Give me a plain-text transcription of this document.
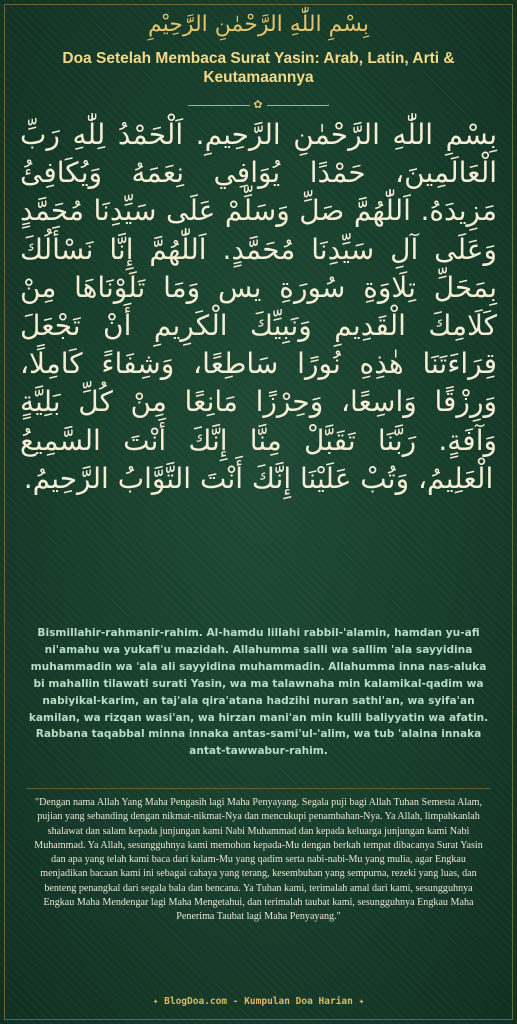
بِسْمِ اللّٰهِ الرَّحْمٰنِ الرَّحِيْمِ
Doa Setelah Membaca Surat Yasin: Arab, Latin, Arti & Keutamaannya
✿

بِسْمِ اللّٰهِ الرَّحْمٰنِ الرَّحِيمِ. اَلْحَمْدُ لِلّٰهِ رَبِّ الْعَالَمِينَ، حَمْدًا يُوَافِي نِعَمَهُ وَيُكَافِئُ مَزِيدَهُ. اَللّٰهُمَّ صَلِّ وَسَلِّمْ عَلَى سَيِّدِنَا مُحَمَّدٍ وَعَلَى آلِ سَيِّدِنَا مُحَمَّدٍ. اَللّٰهُمَّ إِنَّا نَسْأَلُكَ بِمَحَلِّ تِلَاوَةِ سُورَةِ يس وَمَا تَلَوْنَاهَا مِنْ كَلَامِكَ الْقَدِيمِ وَنَبِيِّكَ الْكَرِيمِ أَنْ تَجْعَلَ قِرَاءَتَنَا هٰذِهِ نُورًا سَاطِعًا، وَشِفَاءً كَامِلًا، وَرِزْقًا وَاسِعًا، وَحِرْزًا مَانِعًا مِنْ كُلِّ بَلِيَّةٍ وَآفَةٍ. رَبَّنَا تَقَبَّلْ مِنَّا إِنَّكَ أَنْتَ السَّمِيعُ الْعَلِيمُ، وَتُبْ عَلَيْنَا إِنَّكَ أَنْتَ التَّوَّابُ الرَّحِيمُ.

Bismillahir-rahmanir-rahim. Al-hamdu lillahi rabbil-'alamin, hamdan yu-afi ni'amahu wa yukafi'u mazidah. Allahumma salli wa sallim 'ala sayyidina muhammadin wa 'ala ali sayyidina muhammadin. Allahumma inna nas-aluka bi mahallin tilawati surati Yasin, wa ma talawnaha min kalamikal-qadim wa nabiyikal-karim, an taj'ala qira'atana hadzihi nuran sathi'an, wa syifa'an kamilan, wa rizqan wasi'an, wa hirzan mani'an min kulli baliyyatin wa afatin. Rabbana taqabbal minna innaka antas-sami'ul-'alim, wa tub 'alaina innaka antat-tawwabur-rahim.

"Dengan nama Allah Yang Maha Pengasih lagi Maha Penyayang. Segala puji bagi Allah Tuhan Semesta Alam, pujian yang sebanding dengan nikmat-nikmat-Nya dan mencukupi penambahan-Nya. Ya Allah, limpahkanlah shalawat dan salam kepada junjungan kami Nabi Muhammad dan kepada keluarga junjungan kami Nabi Muhammad. Ya Allah, sesungguhnya kami memohon kepada-Mu dengan berkah tempat dibacanya Surat Yasin dan apa yang telah kami baca dari kalam-Mu yang qadim serta nabi-nabi-Mu yang mulia, agar Engkau menjadikan bacaan kami ini sebagai cahaya yang terang, kesembuhan yang sempurna, rezeki yang luas, dan benteng penangkal dari segala bala dan bencana. Ya Tuhan kami, terimalah amal dari kami, sesungguhnya Engkau Maha Mendengar lagi Maha Mengetahui, dan terimalah taubat kami, sesungguhnya Engkau Maha Penerima Taubat lagi Maha Penyayang."

✦ BlogDoa.com - Kumpulan Doa Harian ✦
